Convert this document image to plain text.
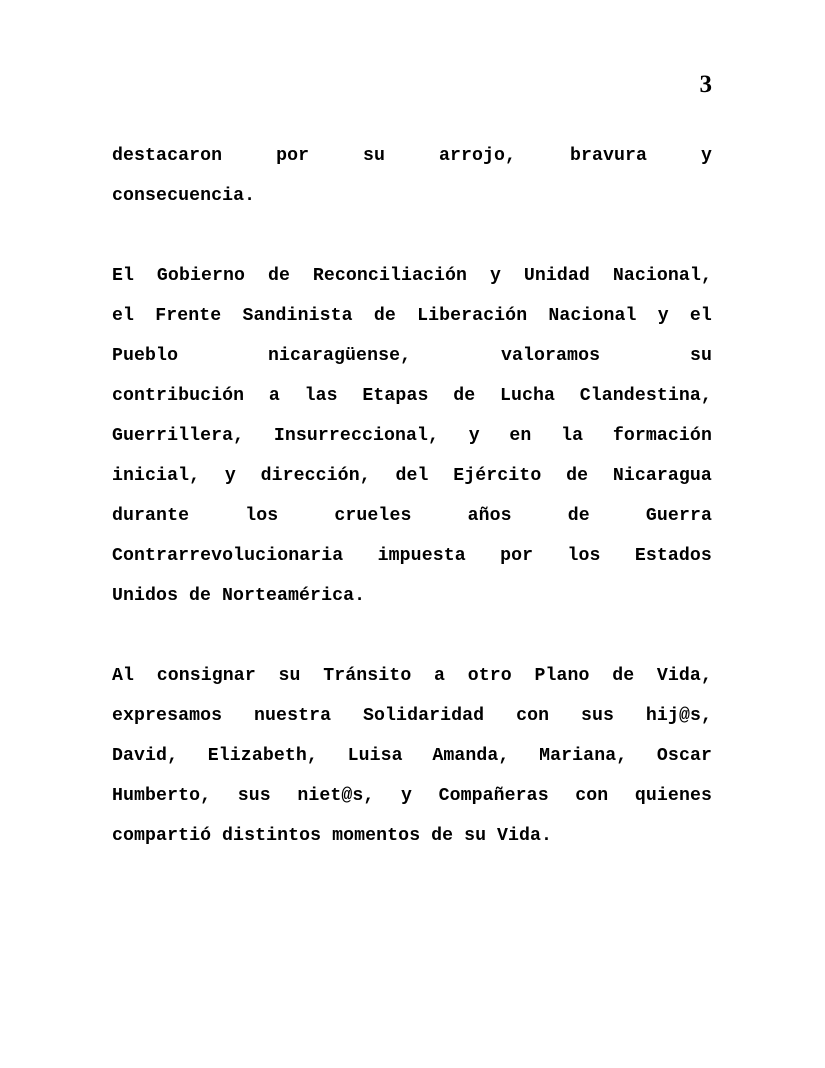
3

destacaron	por	su	arrojo,	bravura	y
consecuencia.

El Gobierno de Reconciliación y Unidad Nacional,
el Frente Sandinista de Liberación Nacional y el
Pueblo	nicaragüense,	valoramos	su
contribución a las Etapas de Lucha Clandestina,
Guerrillera, Insurreccional, y en la formación
inicial, y dirección, del Ejército de Nicaragua
durante	los	crueles	años	de	Guerra
Contrarrevolucionaria impuesta por los Estados
Unidos de Norteamérica.

Al consignar su Tránsito a otro Plano de Vida,
expresamos nuestra Solidaridad con sus hij@s,
David, Elizabeth, Luisa Amanda, Mariana, Oscar
Humberto, sus niet@s, y Compañeras con quienes
compartió distintos momentos de su Vida.
